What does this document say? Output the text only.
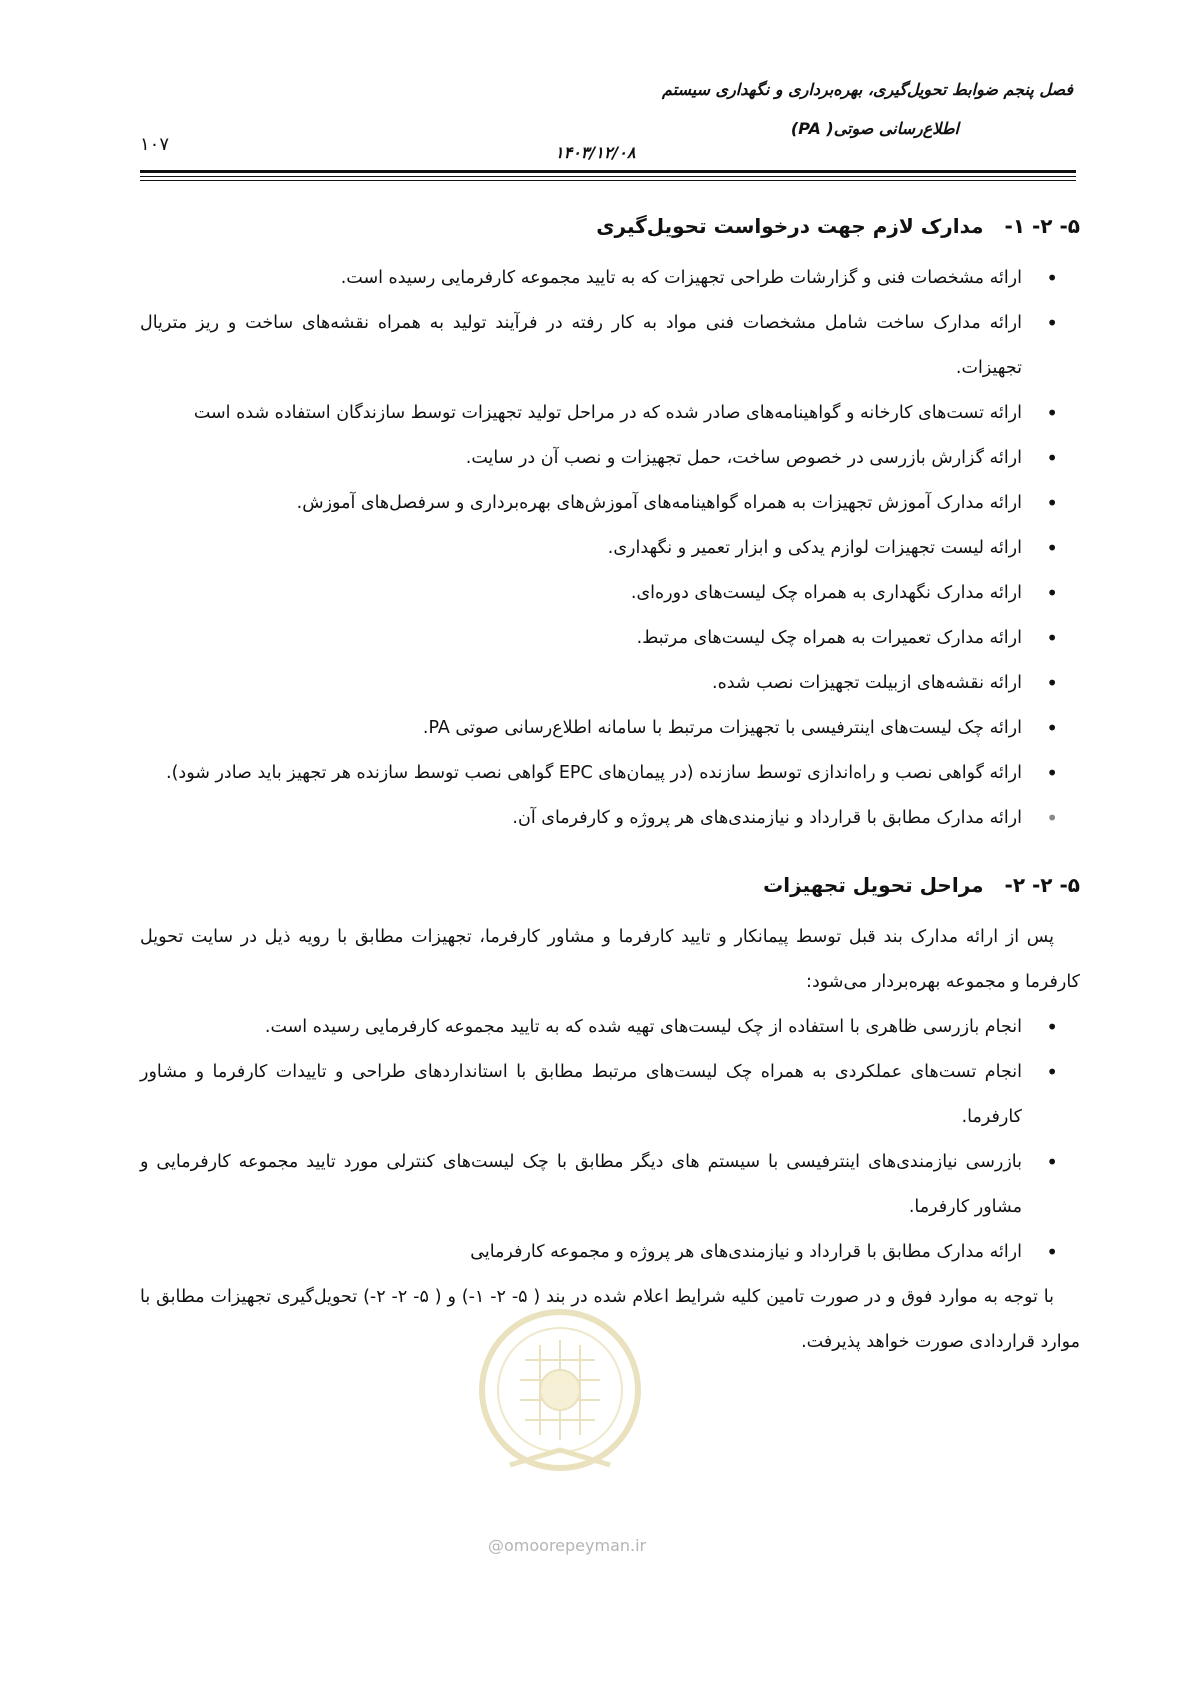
فصل پنجم ضوابط تحویل‌گیری، بهره‌برداری و نگهداری سیستم
اطلاع‌رسانی صوتی( PA)
۱۴۰۳/۱۲/۰۸
۱۰۷
۵- ۲- ۱- مدارک لازم جهت درخواست تحویل‌گیری
• ارائه مشخصات فنی و گزارشات طراحی تجهیزات که به تایید مجموعه کارفرمایی رسیده است.
• ارائه مدارک ساخت شامل مشخصات فنی مواد به کار رفته در فرآیند تولید به همراه نقشه‌های ساخت و ریز متریال تجهیزات.
• ارائه تست‌های کارخانه و گواهینامه‌های صادر شده که در مراحل تولید تجهیزات توسط سازندگان استفاده شده است
• ارائه گزارش بازرسی در خصوص ساخت، حمل تجهیزات و نصب آن در سایت.
• ارائه مدارک آموزش تجهیزات به همراه گواهینامه‌های آموزش‌های بهره‌برداری و سرفصل‌های آموزش.
• ارائه لیست تجهیزات لوازم یدکی و ابزار تعمیر و نگهداری.
• ارائه مدارک نگهداری به همراه چک لیست‌های دوره‌ای.
• ارائه مدارک تعمیرات به همراه چک لیست‌های مرتبط.
• ارائه نقشه‌های ازبیلت تجهیزات نصب شده.
• ارائه چک لیست‌های اینترفیسی با تجهیزات مرتبط با سامانه اطلاع‌رسانی صوتی PA.
• ارائه گواهی نصب و راه‌اندازی توسط سازنده (در پیمان‌های EPC گواهی نصب توسط سازنده هر تجهیز باید صادر شود).
• ارائه مدارک مطابق با قرارداد و نیازمندی‌های هر پروژه و کارفرمای آن.
۵- ۲- ۲- مراحل تحویل تجهیزات

پس از ارائه مدارک بند قبل توسط پیمانکار و تایید کارفرما و مشاور کارفرما، تجهیزات مطابق با رویه ذیل در سایت تحویل کارفرما و مجموعه بهره‌بردار می‌شود:

• انجام بازرسی ظاهری با استفاده از چک لیست‌های تهیه شده که به تایید مجموعه کارفرمایی رسیده است.
• انجام تست‌های عملکردی به همراه چک لیست‌های مرتبط مطابق با استانداردهای طراحی و تاییدات کارفرما و مشاور کارفرما.
• بازرسی نیازمندی‌های اینترفیسی با سیستم های دیگر مطابق با چک لیست‌های کنترلی مورد تایید مجموعه کارفرمایی و مشاور کارفرما.
• ارائه مدارک مطابق با قرارداد و نیازمندی‌های هر پروژه و مجموعه کارفرمایی

با توجه به موارد فوق و در صورت تامین کلیه شرایط اعلام شده در بند ( ۵- ۲- ۱-) و ( ۵- ۲- ۲-) تحویل‌گیری تجهیزات مطابق با موارد قراردادی صورت خواهد پذیرفت.

@omoorepeyman.ir
